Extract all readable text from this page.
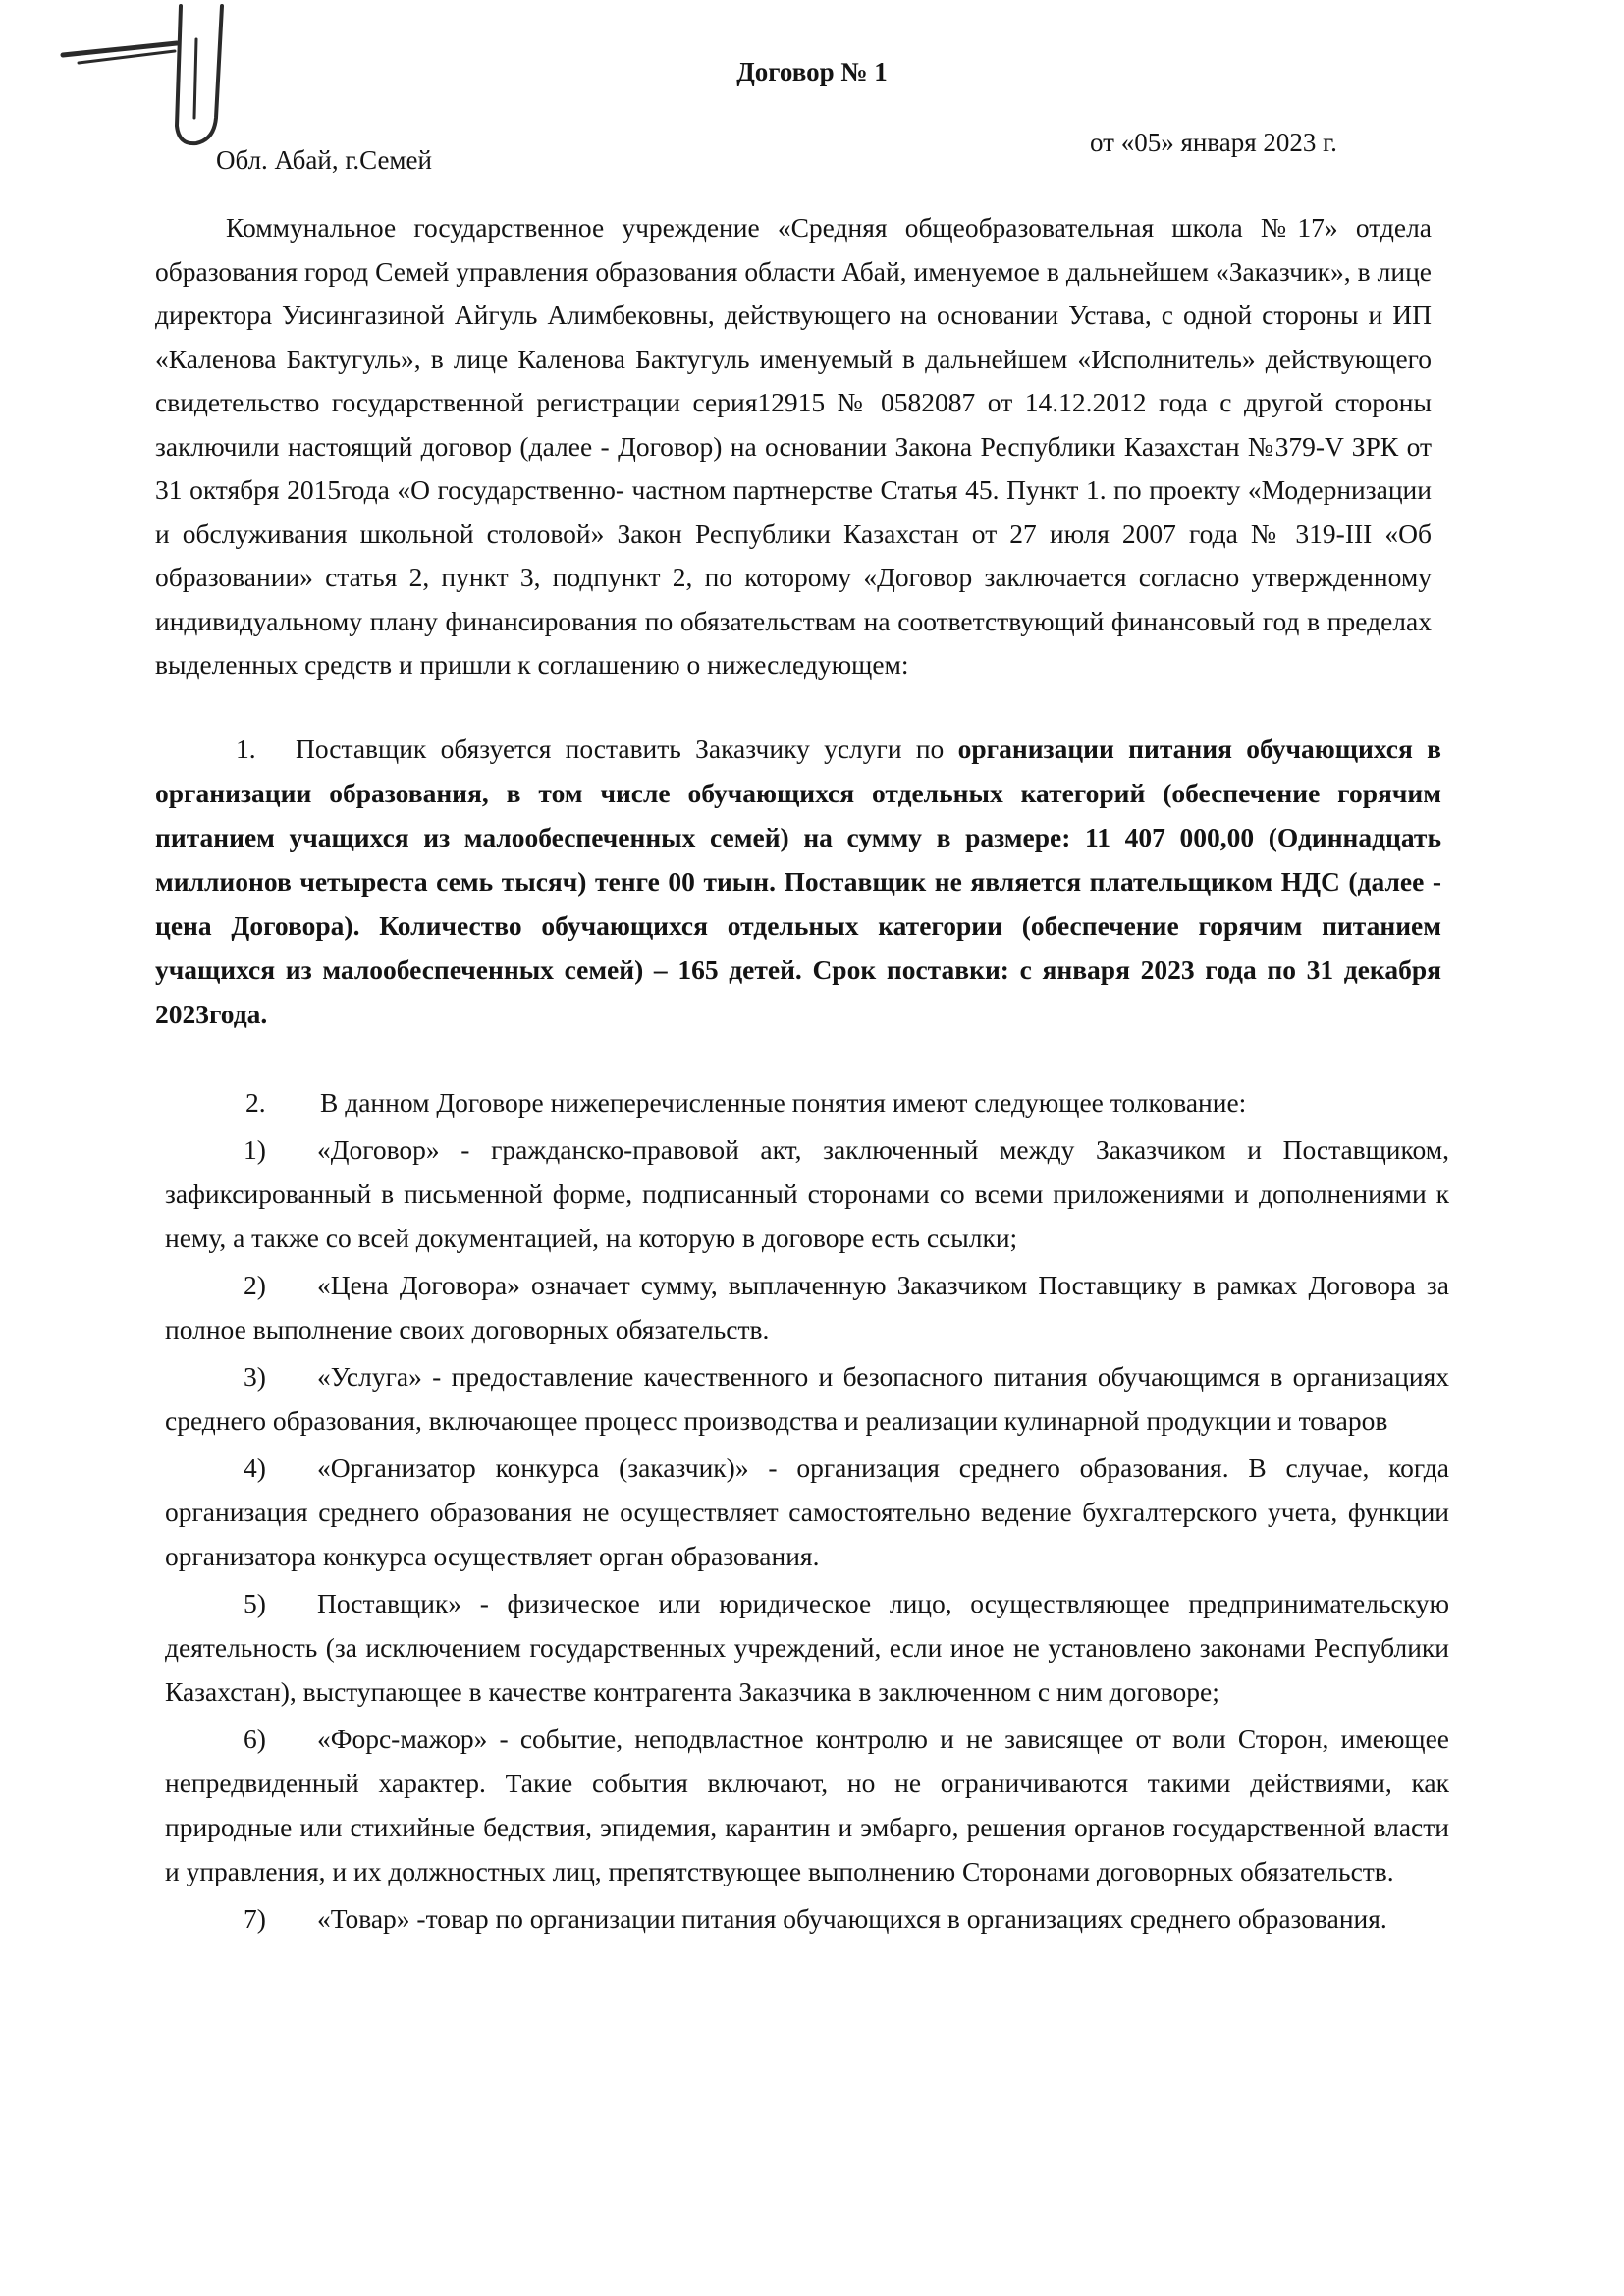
Договор № 1
Обл. Абай, г.Семей
от «05» января 2023 г.

Коммунальное государственное учреждение «Средняя общеобразовательная школа №17» отдела образования город Семей управления образования области Абай, именуемое в дальнейшем «Заказчик», в лице директора Уисингазиной Айгуль Алимбековны, действующего на основании Устава, с одной стороны и ИП «Каленова Бактугуль», в лице Каленова Бактугуль именуемый в дальнейшем «Исполнитель» действующего свидетельство государственной регистрации серия12915 № 0582087 от 14.12.2012 года с другой стороны заключили настоящий договор (далее - Договор) на основании Закона Республики Казахстан №379-V ЗРК от 31 октября 2015года «О государственно- частном партнерстве Статья 45. Пункт 1. по проекту «Модернизации и обслуживания школьной столовой» Закон Республики Казахстан от 27 июля 2007 года № 319-III «Об образовании» статья 2, пункт 3, подпункт 2, по которому «Договор заключается согласно утвержденному индивидуальному плану финансирования по обязательствам на соответствующий финансовый год в пределах выделенных средств и пришли к соглашению о нижеследующем:

1. Поставщик обязуется поставить Заказчику услуги по организации питания обучающихся в организации образования, в том числе обучающихся отдельных категорий (обеспечение горячим питанием учащихся из малообеспеченных семей) на сумму в размере: 11 407 000,00 (Одиннадцать миллионов четыреста семь тысяч) тенге 00 тиын. Поставщик не является плательщиком НДС (далее - цена Договора). Количество обучающихся отдельных категории (обеспечение горячим питанием учащихся из малообеспеченных семей) – 165 детей. Срок поставки: с января 2023 года по 31 декабря 2023года.

2. В данном Договоре нижеперечисленные понятия имеют следующее толкование:

1) «Договор» - гражданско-правовой акт, заключенный между Заказчиком и Поставщиком, зафиксированный в письменной форме, подписанный сторонами со всеми приложениями и дополнениями к нему, а также со всей документацией, на которую в договоре есть ссылки;

2) «Цена Договора» означает сумму, выплаченную Заказчиком Поставщику в рамках Договора за полное выполнение своих договорных обязательств.

3) «Услуга» - предоставление качественного и безопасного питания обучающимся в организациях среднего образования, включающее процесс производства и реализации кулинарной продукции и товаров

4) «Организатор конкурса (заказчик)» - организация среднего образования. В случае, когда организация среднего образования не осуществляет самостоятельно ведение бухгалтерского учета, функции организатора конкурса осуществляет орган образования.

5) Поставщик» - физическое или юридическое лицо, осуществляющее предпринимательскую деятельность (за исключением государственных учреждений, если иное не установлено законами Республики Казахстан), выступающее в качестве контрагента Заказчика в заключенном с ним договоре;

6) «Форс-мажор» - событие, неподвластное контролю и не зависящее от воли Сторон, имеющее непредвиденный характер. Такие события включают, но не ограничиваются такими действиями, как природные или стихийные бедствия, эпидемия, карантин и эмбарго, решения органов государственной власти и управления, и их должностных лиц, препятствующее выполнению Сторонами договорных обязательств.

7) «Товар» -товар по организации питания обучающихся в организациях среднего образования.
